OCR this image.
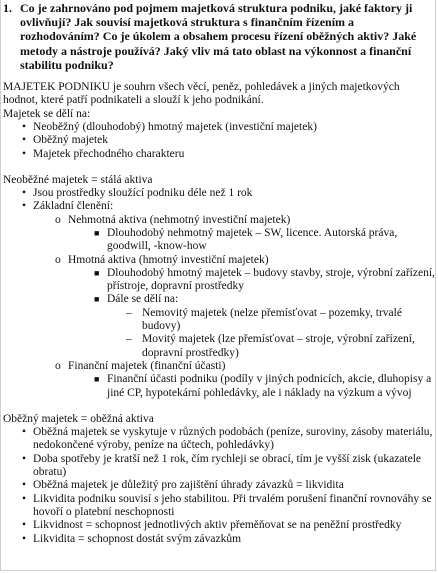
1. Co je zahrnováno pod pojmem majetková struktura podniku, jaké faktory ji ovlivňují? Jak souvisí majetková struktura s finančním řízením a rozhodováním? Co je úkolem a obsahem procesu řízení oběžných aktiv? Jaké metody a nástroje používá? Jaký vliv má tato oblast na výkonnost a finanční stabilitu podniku?

MAJETEK PODNIKU je souhrn všech věcí, peněz, pohledávek a jiných majetkových hodnot, které patří podnikateli a slouží k jeho podnikání.

Majetek se dělí na:

• Neoběžný (dlouhodobý) hmotný majetek (investiční majetek)
• Oběžný majetek
• Majetek přechodného charakteru

Neoběžné majetek = stálá aktiva

• Jsou prostředky sloužící podniku déle než 1 rok
• Základní členění:
o Nehmotná aktiva (nehmotný investiční majetek)
■ Dlouhodobý nehmotný majetek – SW, licence. Autorská práva, goodwill, -know-how
o Hmotná aktiva (hmotný investiční majetek)
■ Dlouhodobý hmotný majetek – budovy stavby, stroje, výrobní zařízení, přístroje, dopravní prostředky
■ Dále se dělí na:
– Nemovitý majetek (nelze přemísťovat – pozemky, trvalé budovy)
– Movitý majetek (lze přemísťovat – stroje, výrobní zařízení, dopravní prostředky)
o Finanční majetek (finanční účasti)
■ Finanční účasti podniku (podíly v jiných podnicích, akcie, dluhopisy a jiné CP, hypotekární pohledávky, ale i náklady na výzkum a vývoj

Oběžný majetek = oběžná aktiva

• Oběžná majetek se vyskytuje v různých podobách (peníze, suroviny, zásoby materiálu, nedokončené výroby, peníze na účtech, pohledávky)
• Doba spotřeby je kratší než 1 rok, čím rychleji se obrací, tím je vyšší zisk (ukazatele obratu)
• Oběžná majetek je důležitý pro zajištění úhrady závazků = likvidita
• Likvidita podniku souvisí s jeho stabilitou. Při trvalém porušení finanční rovnováhy se hovoří o platební neschopnosti
• Likvidnost = schopnost jednotlivých aktiv přeměňovat se na peněžní prostředky
• Likvidita = schopnost dostát svým závazkům
